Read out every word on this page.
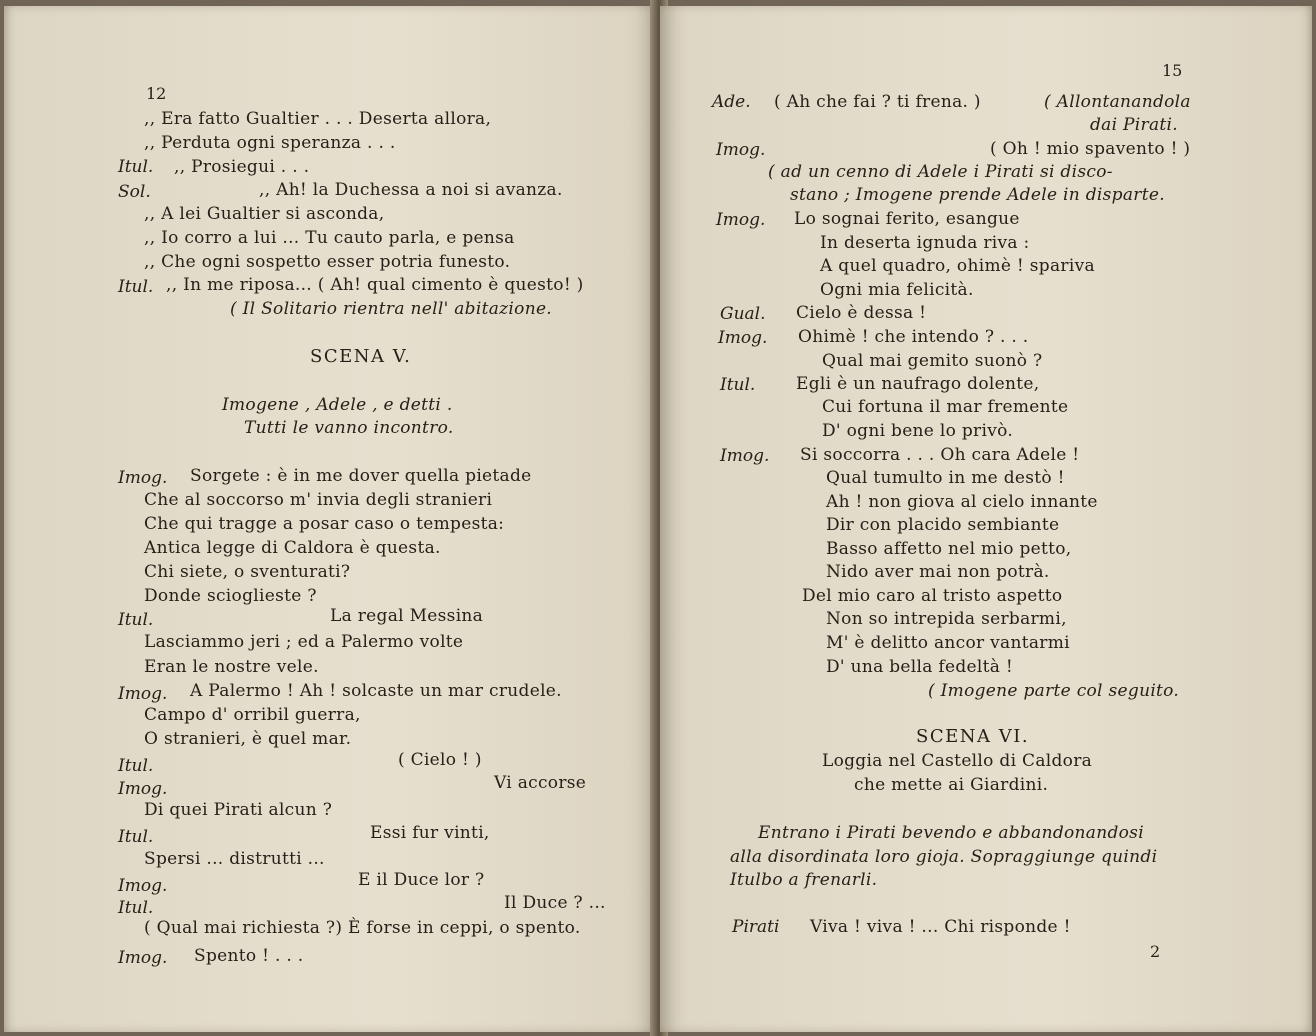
12
,, Era fatto Gualtier . . . Deserta allora,
,, Perduta ogni speranza . . .
Itul. ,, Prosiegui . . .
Sol.	,, Ah! la Duchessa a noi si avanza.
,, A lei Gualtier si asconda,
,, Io corro a lui ... Tu cauto parla, e pensa
,, Che ogni sospetto esser potria funesto.
Itul. ,, In me riposa... ( Ah! qual cimento è questo! )
( Il Solitario rientra nell' abitazione.
SCENA V.
Imogene , Adele , e detti .
Tutti le vanno incontro.
Imog. Sorgete : è in me dover quella pietade
Che al soccorso m' invia degli stranieri
Che qui tragge a posar caso o tempesta:
Antica legge di Caldora è questa.
Chi siete, o sventurati?
Donde scioglieste ?
Itul.	La regal Messina
Lasciammo jeri ; ed a Palermo volte
Eran le nostre vele.
Imog. A Palermo ! Ah ! solcaste un mar crudele.
Campo d' orribil guerra,
O stranieri, è quel mar.
Itul.	( Cielo ! )
Imog.	Vi accorse
Di quei Pirati alcun ?
Itul.	Essi fur vinti,
Spersi ... distrutti ...
Imog.	E il Duce lor ?
Itul.	Il Duce ? ...
( Qual mai richiesta ?) È forse in ceppi, o spento.
Imog. Spento ! . . .
15
Ade. ( Ah che fai ? ti frena. )	( Allontanandola
dai Pirati.
Imog.	( Oh ! mio spavento ! )
( ad un cenno di Adele i Pirati si disco-
stano ; Imogene prende Adele in disparte.
Imog. Lo sognai ferito, esangue
In deserta ignuda riva :
A quel quadro, ohimè ! spariva
Ogni mia felicità.
Gual. Cielo è dessa !
Imog. Ohimè ! che intendo ? . . .
Qual mai gemito suonò ?
Itul. Egli è un naufrago dolente,
Cui fortuna il mar fremente
D' ogni bene lo privò.
Imog. Si soccorra . . . Oh cara Adele !
Qual tumulto in me destò !
Ah ! non giova al cielo innante
Dir con placido sembiante
Basso affetto nel mio petto,
Nido aver mai non potrà.
Del mio caro al tristo aspetto
Non so intrepida serbarmi,
M' è delitto ancor vantarmi
D' una bella fedeltà !
( Imogene parte col seguito.
SCENA VI.
Loggia nel Castello di Caldora
che mette ai Giardini.
Entrano i Pirati bevendo e abbandonandosi
alla disordinata loro gioja. Sopraggiunge quindi
Itulbo a frenarli.
Pirati Viva ! viva ! ... Chi risponde !
2
